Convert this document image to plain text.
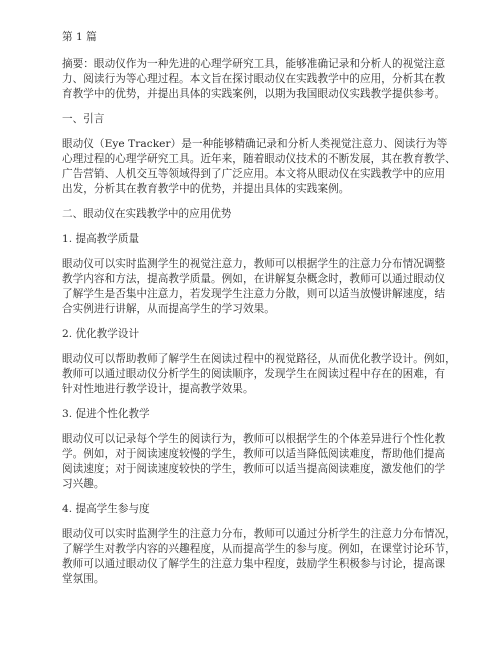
第 1 篇
摘要：眼动仪作为一种先进的心理学研究工具，能够准确记录和分析人的视觉注意
力、阅读行为等心理过程。本文旨在探讨眼动仪在实践教学中的应用，分析其在教
育教学中的优势，并提出具体的实践案例，以期为我国眼动仪实践教学提供参考。
一、引言
眼动仪（Eye Tracker）是一种能够精确记录和分析人类视觉注意力、阅读行为等
心理过程的心理学研究工具。近年来，随着眼动仪技术的不断发展，其在教育教学、
广告营销、人机交互等领域得到了广泛应用。本文将从眼动仪在实践教学中的应用
出发，分析其在教育教学中的优势，并提出具体的实践案例。
二、眼动仪在实践教学中的应用优势
1. 提高教学质量
眼动仪可以实时监测学生的视觉注意力，教师可以根据学生的注意力分布情况调整
教学内容和方法，提高教学质量。例如，在讲解复杂概念时，教师可以通过眼动仪
了解学生是否集中注意力，若发现学生注意力分散，则可以适当放慢讲解速度，结
合实例进行讲解，从而提高学生的学习效果。
2. 优化教学设计
眼动仪可以帮助教师了解学生在阅读过程中的视觉路径，从而优化教学设计。例如，
教师可以通过眼动仪分析学生的阅读顺序，发现学生在阅读过程中存在的困难，有
针对性地进行教学设计，提高教学效果。
3. 促进个性化教学
眼动仪可以记录每个学生的阅读行为，教师可以根据学生的个体差异进行个性化教
学。例如，对于阅读速度较慢的学生，教师可以适当降低阅读难度，帮助他们提高
阅读速度；对于阅读速度较快的学生，教师可以适当提高阅读难度，激发他们的学
习兴趣。
4. 提高学生参与度
眼动仪可以实时监测学生的注意力分布，教师可以通过分析学生的注意力分布情况，
了解学生对教学内容的兴趣程度，从而提高学生的参与度。例如，在课堂讨论环节，
教师可以通过眼动仪了解学生的注意力集中程度，鼓励学生积极参与讨论，提高课
堂氛围。
